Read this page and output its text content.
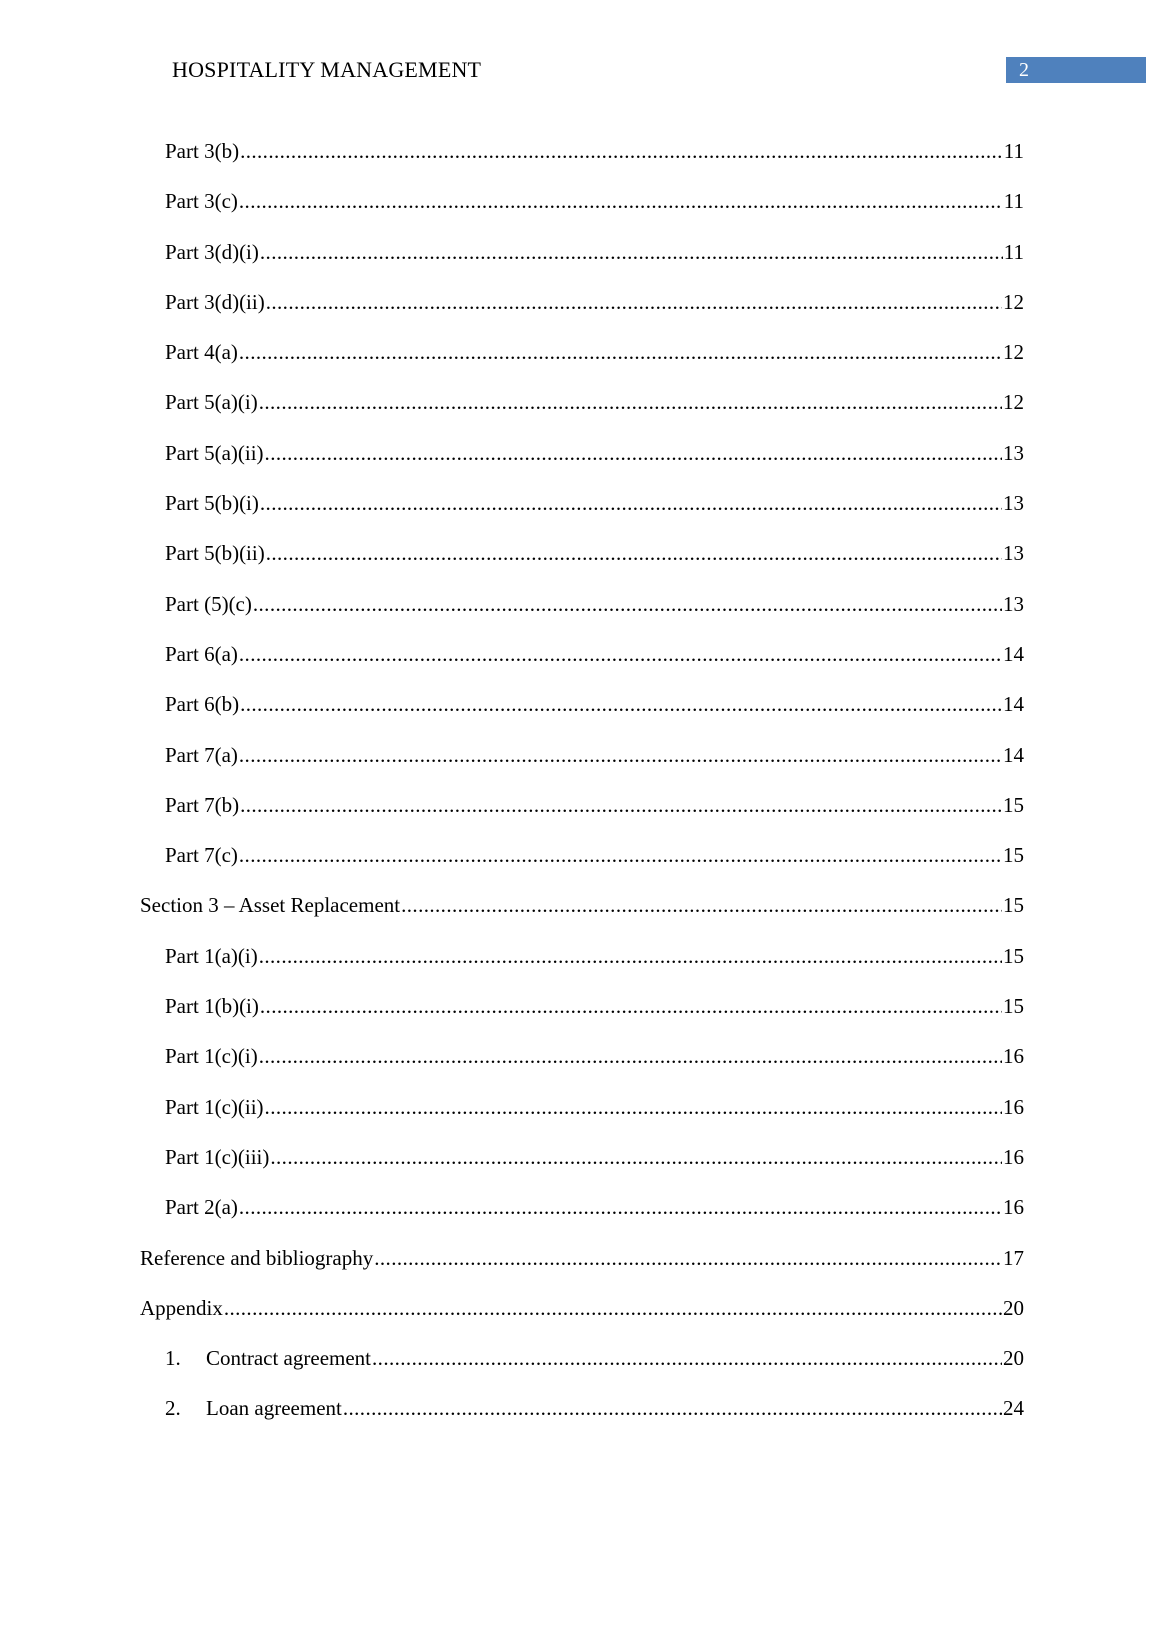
HOSPITALITY MANAGEMENT	2
Part 3(b) .....	11
Part 3(c) .....	11
Part 3(d)(i) .....	11
Part 3(d)(ii) .....	12
Part 4(a) .....	12
Part 5(a)(i) .....	12
Part 5(a)(ii) .....	13
Part 5(b)(i) .....	13
Part 5(b)(ii) .....	13
Part (5)(c) .....	13
Part 6(a) .....	14
Part 6(b) .....	14
Part 7(a) .....	14
Part 7(b) .....	15
Part 7(c) .....	15
Section 3 – Asset Replacement .....	15
Part 1(a)(i) .....	15
Part 1(b)(i) .....	15
Part 1(c)(i) .....	16
Part 1(c)(ii) .....	16
Part 1(c)(iii) .....	16
Part 2(a) .....	16
Reference and bibliography .....	17
Appendix .....	20
1.	Contract agreement .....	20
2.	Loan agreement .....	24
